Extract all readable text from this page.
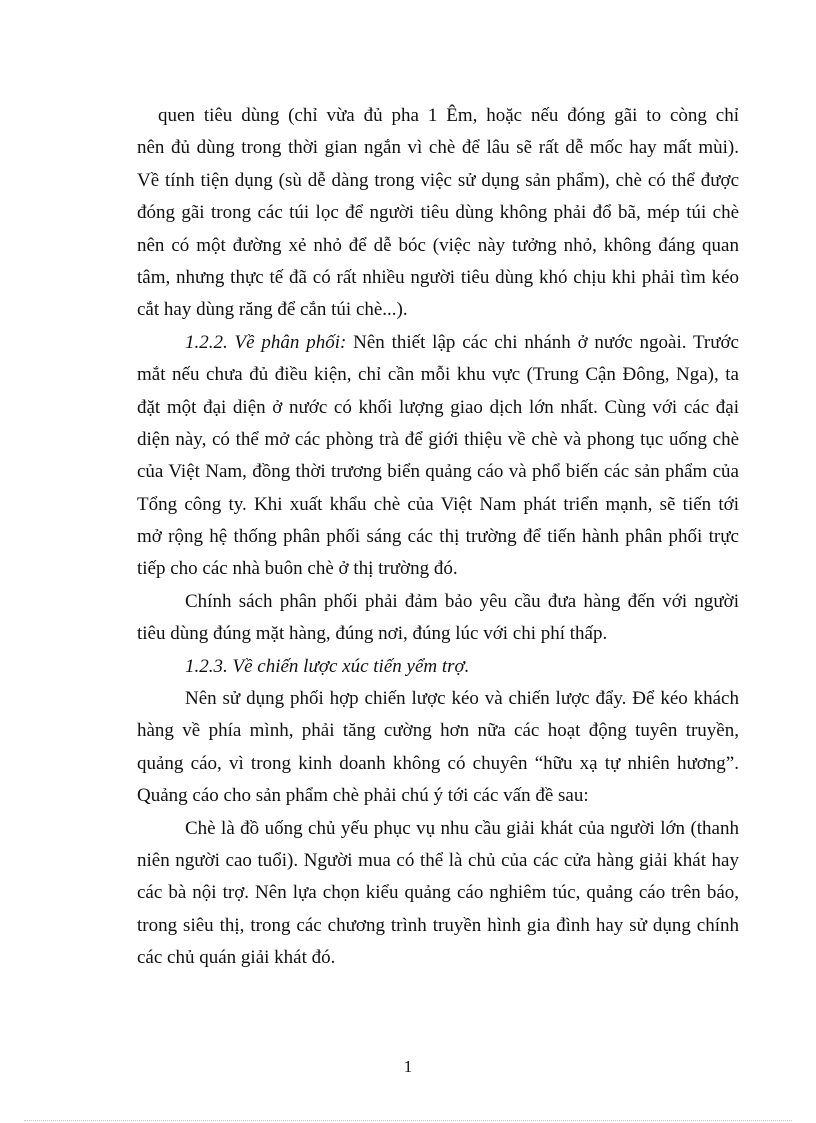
quen tiêu dùng (chỉ vừa đủ pha 1 Êm, hoặc nếu đóng gãi to còng chỉ
nên đủ dùng trong thời gian ngắn vì chè để lâu sẽ rất dễ mốc hay mất mùi).
Về tính tiện dụng (sù dễ dàng trong việc sử dụng sản phẩm), chè có thể được
đóng gãi trong các túi lọc để người tiêu dùng không phải đổ bã, mép túi chè
nên có một đường xẻ nhỏ để dễ bóc (việc này tưởng nhỏ, không đáng quan
tâm, nhưng thực tế đã có rất nhiều người tiêu dùng khó chịu khi phải tìm kéo
cắt hay dùng răng để cắn túi chè...).
1.2.2. Về phân phối: Nên thiết lập các chi nhánh ở nước ngoài. Trước
mắt nếu chưa đủ điều kiện, chỉ cần mỗi khu vực (Trung Cận Đông, Nga), ta
đặt một đại diện ở nước có khối lượng giao dịch lớn nhất. Cùng với các đại
diện này, có thể mở các phòng trà để giới thiệu về chè và phong tục uống chè
của Việt Nam, đồng thời trương biển quảng cáo và phổ biến các sản phẩm của
Tổng công ty. Khi xuất khẩu chè của Việt Nam phát triển mạnh, sẽ tiến tới
mở rộng hệ thống phân phối sáng các thị trường để tiến hành phân phối trực
tiếp cho các nhà buôn chè ở thị trường đó.
Chính sách phân phối phải đảm bảo yêu cầu đưa hàng đến với người
tiêu dùng đúng mặt hàng, đúng nơi, đúng lúc với chi phí thấp.
1.2.3. Về chiến lược xúc tiến yểm trợ.
Nên sử dụng phối hợp chiến lược kéo và chiến lược đẩy. Để kéo khách
hàng về phía mình, phải tăng cường hơn nữa các hoạt động tuyên truyền,
quảng cáo, vì trong kinh doanh không có chuyên “hữu xạ tự nhiên hương”.
Quảng cáo cho sản phẩm chè phải chú ý tới các vấn đề sau:
Chè là đồ uống chủ yếu phục vụ nhu cầu giải khát của người lớn (thanh
niên người cao tuổi). Người mua có thể là chủ của các cửa hàng giải khát hay
các bà nội trợ. Nên lựa chọn kiểu quảng cáo nghiêm túc, quảng cáo trên báo,
trong siêu thị, trong các chương trình truyền hình gia đình hay sử dụng chính
các chủ quán giải khát đó.
1
